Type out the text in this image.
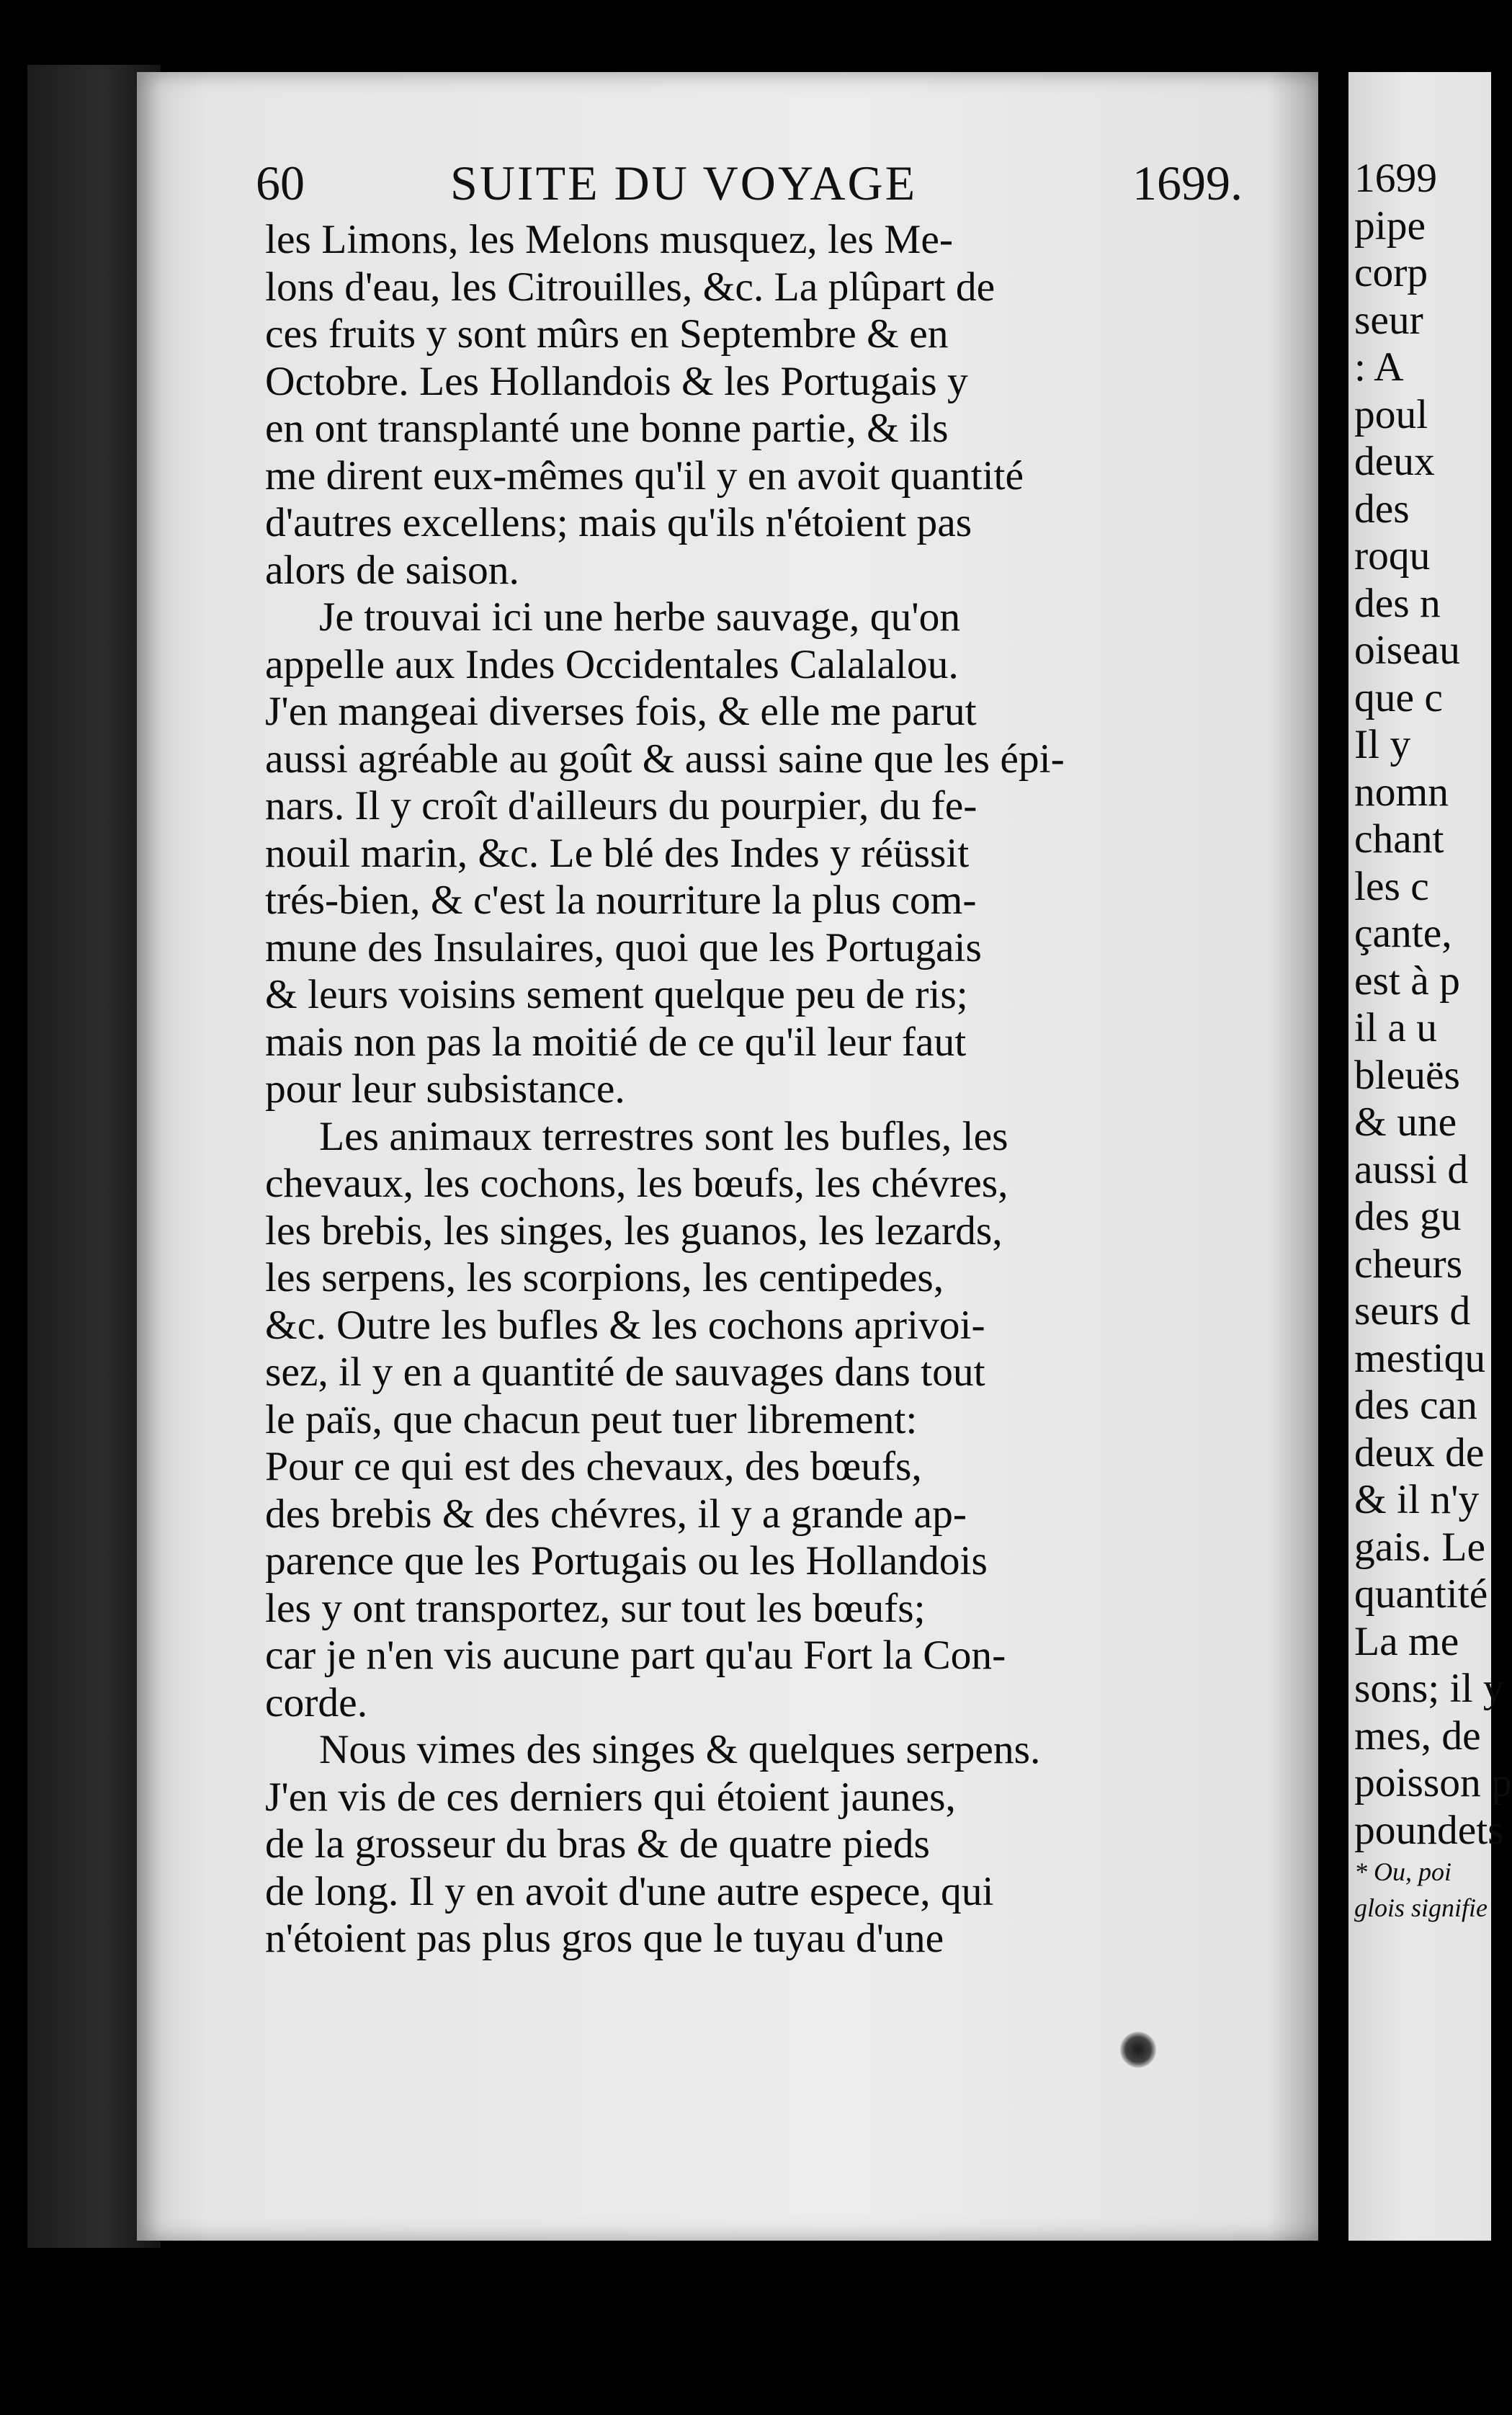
60	SUITE DU VOYAGE	1699.
les Limons, les Melons musquez, les Me-
lons d'eau, les Citrouilles, &c. La plûpart de
ces fruits y sont mûrs en Septembre & en
Octobre. Les Hollandois & les Portugais y
en ont transplanté une bonne partie, & ils
me dirent eux-mêmes qu'il y en avoit quantité
d'autres excellens; mais qu'ils n'étoient pas
alors de saison.
Je trouvai ici une herbe sauvage, qu'on
appelle aux Indes Occidentales Calalalou.
J'en mangeai diverses fois, & elle me parut
aussi agréable au goût & aussi saine que les épi-
nars. Il y croît d'ailleurs du pourpier, du fe-
nouil marin, &c. Le blé des Indes y réüssit
trés-bien, & c'est la nourriture la plus com-
mune des Insulaires, quoi que les Portugais
& leurs voisins sement quelque peu de ris;
mais non pas la moitié de ce qu'il leur faut
pour leur subsistance.
Les animaux terrestres sont les bufles, les
chevaux, les cochons, les bœufs, les chévres,
les brebis, les singes, les guanos, les lezards,
les serpens, les scorpions, les centipedes,
&c. Outre les bufles & les cochons aprivoi-
sez, il y en a quantité de sauvages dans tout
le païs, que chacun peut tuer librement:
Pour ce qui est des chevaux, des bœufs,
des brebis & des chévres, il y a grande ap-
parence que les Portugais ou les Hollandois
les y ont transportez, sur tout les bœufs;
car je n'en vis aucune part qu'au Fort la Con-
corde.
Nous vimes des singes & quelques serpens.
J'en vis de ces derniers qui étoient jaunes,
de la grosseur du bras & de quatre pieds
de long. Il y en avoit d'une autre espece, qui
n'étoient pas plus gros que le tuyau d'une
1699
pipe
corp
seur
: A
poul
deux
des
roqu
des n
oiseau
que c
Il y
nomn
chant
les c
çante,
est à p
il a u
bleuës
& une
aussi d
des gu
cheurs
seurs d
mestiqu
des can
deux de
& il n'y
gais. Le
quantité
La me
sons; il y
mes, de
poisson p
poundets
* Ou, poi
glois signifie
